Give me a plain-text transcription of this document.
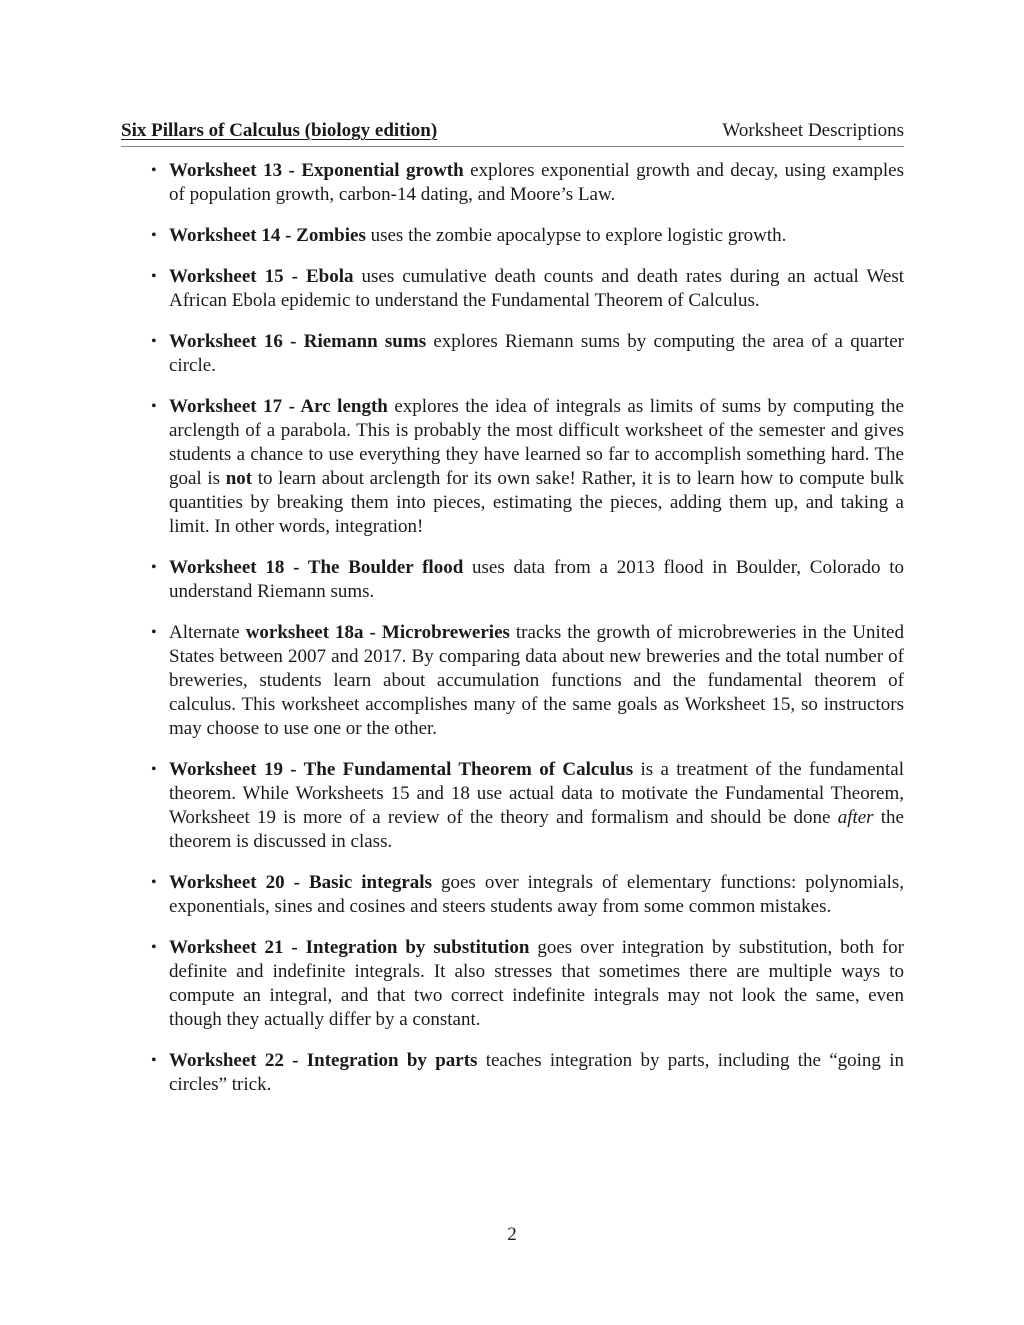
Six Pillars of Calculus (biology edition)	Worksheet Descriptions
• Worksheet 13 - Exponential growth explores exponential growth and decay, using examples of population growth, carbon-14 dating, and Moore’s Law.
• Worksheet 14 - Zombies uses the zombie apocalypse to explore logistic growth.
• Worksheet 15 - Ebola uses cumulative death counts and death rates during an actual West African Ebola epidemic to understand the Fundamental Theorem of Calculus.
• Worksheet 16 - Riemann sums explores Riemann sums by computing the area of a quarter circle.
• Worksheet 17 - Arc length explores the idea of integrals as limits of sums by computing the arclength of a parabola. This is probably the most difficult worksheet of the semester and gives students a chance to use everything they have learned so far to accomplish something hard. The goal is not to learn about arclength for its own sake! Rather, it is to learn how to compute bulk quantities by breaking them into pieces, estimating the pieces, adding them up, and taking a limit. In other words, integration!
• Worksheet 18 - The Boulder flood uses data from a 2013 flood in Boulder, Colorado to understand Riemann sums.
• Alternate worksheet 18a - Microbreweries tracks the growth of microbreweries in the United States between 2007 and 2017. By comparing data about new breweries and the total number of breweries, students learn about accumulation functions and the fundamental theorem of calculus. This worksheet accomplishes many of the same goals as Worksheet 15, so instructors may choose to use one or the other.
• Worksheet 19 - The Fundamental Theorem of Calculus is a treatment of the fundamental theorem. While Worksheets 15 and 18 use actual data to motivate the Fundamental Theorem, Worksheet 19 is more of a review of the theory and formalism and should be done after the theorem is discussed in class.
• Worksheet 20 - Basic integrals goes over integrals of elementary functions: polynomials, exponentials, sines and cosines and steers students away from some common mistakes.
• Worksheet 21 - Integration by substitution goes over integration by substitution, both for definite and indefinite integrals. It also stresses that sometimes there are multiple ways to compute an integral, and that two correct indefinite integrals may not look the same, even though they actually differ by a constant.
• Worksheet 22 - Integration by parts teaches integration by parts, including the “going in circles” trick.
2
